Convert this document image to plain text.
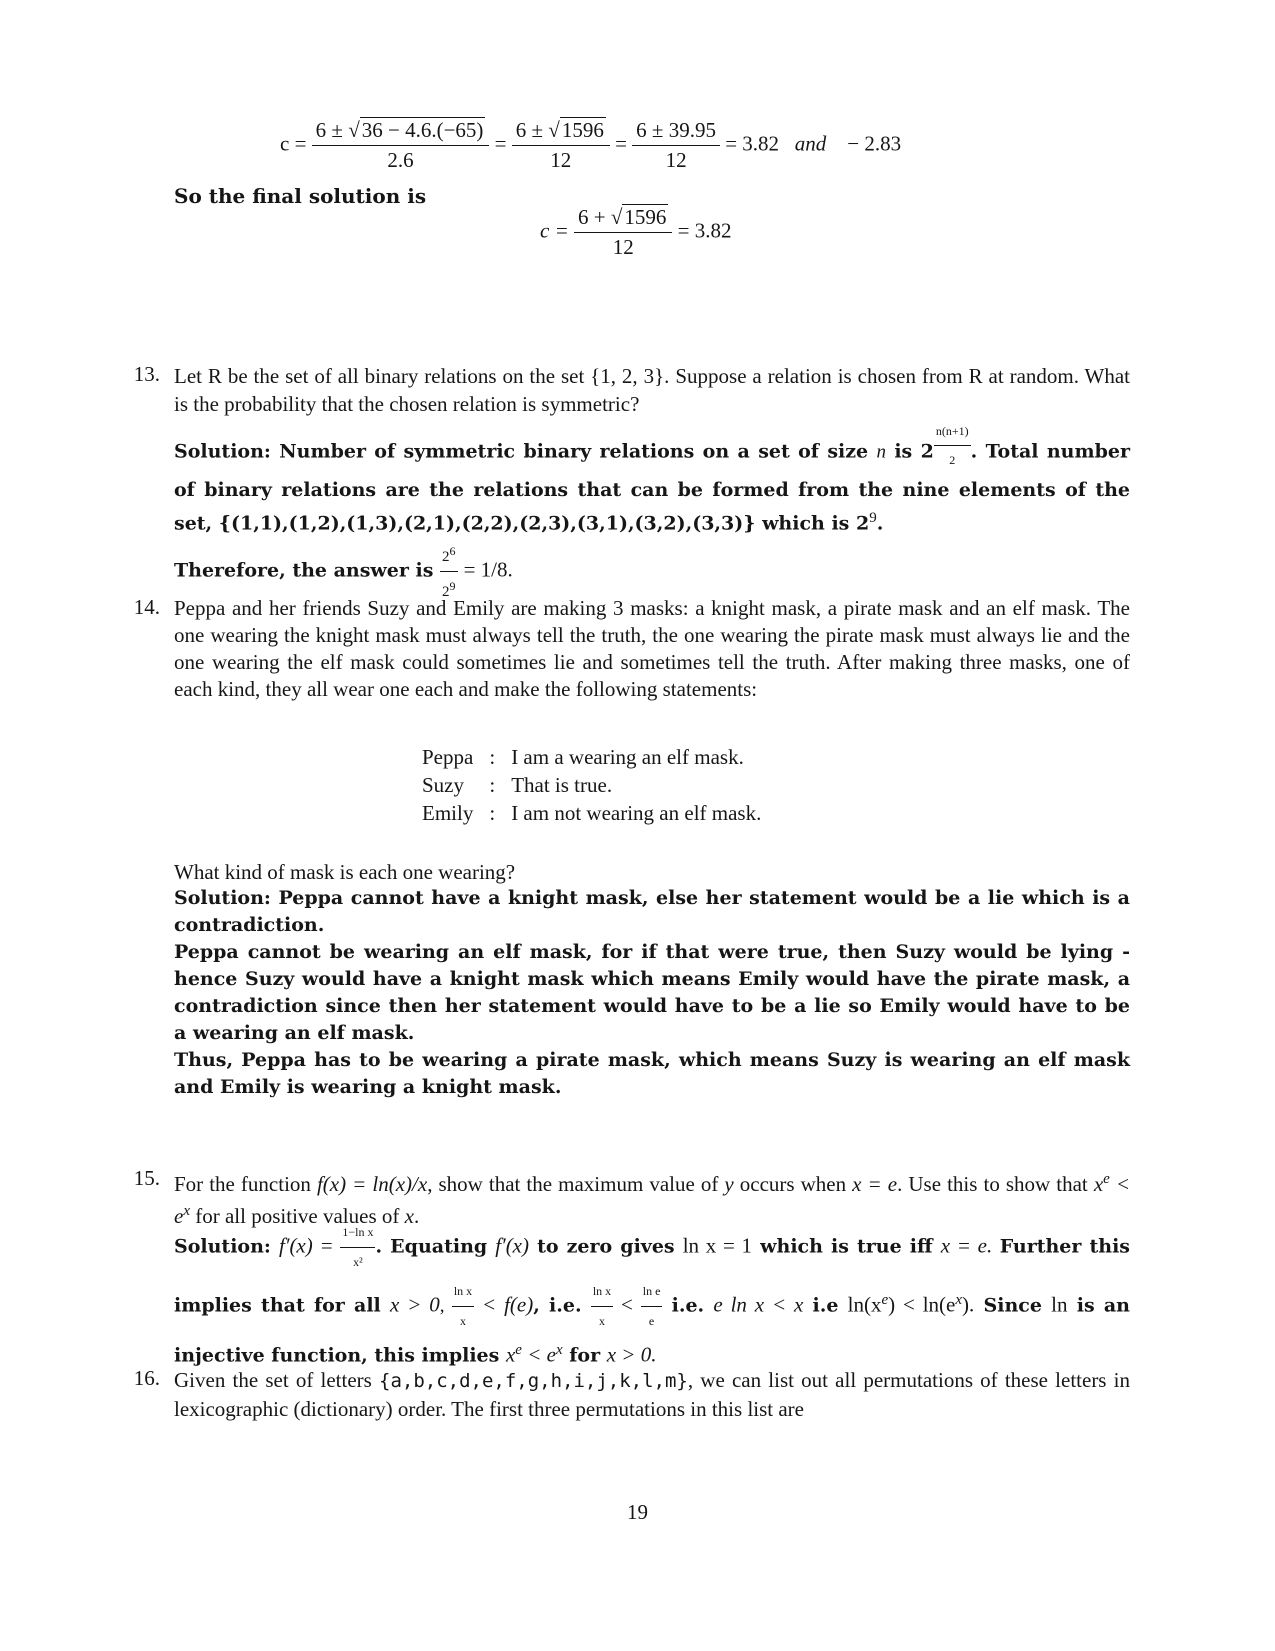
$c = \frac{6 \pm √36 - 4.6.(-65)}{2.6} = \frac{6 \pm √1596}{12} = \frac{6 \pm 39.95}{12} = 3.82$ and − 2.83
So the final solution is
$c = \frac{6 + √1596}{12} = 3.82$
13. Let R be the set of all binary relations on the set {1, 2, 3}. Suppose a relation is chosen from R at random. What is the probability that the chosen relation is symmetric?
Solution: Number of symmetric binary relations on a set of size n is 2 $^{\frac{n(n+1)}{2}}$ . Total number of binary relations are the relations that can be formed from the nine elements of the set, {(1,1),(1,2),(1,3),(2,1),(2,2),(2,3),(3,1),(3,2),(3,3)} which is $2^9$.
Therefore, the answer is $\frac{2^6}{2^9} = 1/8$.
14. Peppa and her friends Suzy and Emily are making 3 masks: a knight mask, a pirate mask and an elf mask. The one wearing the knight mask must always tell the truth, the one wearing the pirate mask must always lie and the one wearing the elf mask could sometimes lie and sometimes tell the truth. After making three masks, one of each kind, they all wear one each and make the following statements:
Peppa	:	I am a wearing an elf mask.
Suzy	:	That is true.
Emily	:	I am not wearing an elf mask.
What kind of mask is each one wearing?
Solution: Peppa cannot have a knight mask, else her statement would be a lie which is a contradiction.
Peppa cannot be wearing an elf mask, for if that were true, then Suzy would be lying - hence Suzy would have a knight mask which means Emily would have the pirate mask, a contradiction since then her statement would have to be a lie so Emily would have to be a wearing an elf mask.
Thus, Peppa has to be wearing a pirate mask, which means Suzy is wearing an elf mask and Emily is wearing a knight mask.
15. For the function f(x) = ln(x)/x, show that the maximum value of y occurs when x = e. Use this to show that $x^e < e^x$ for all positive values of x.
Solution: $f'(x) = \frac{\text{1−ln x}}{\text{x²}}$ . Equating f′(x) to zero gives ln x = 1 which is true iff x = e. Further this implies that for all x > 0, $\frac{\text{ln x}}{x} < f(e)$, i.e. $\frac{\text{ln x}}{x} < \frac{\text{ln e}}{e} i.e$. e ln x < x i.e $\ln(x^e) < \ln(e^x)$. Since ln is an injective function, this implies $x^e < e^x$ for x > 0.
16. Given the set of letters {a,b,c,d,e,f,g,h,i,j,k,l,m}, we can list out all permutations of these letters in lexicographic (dictionary) order. The first three permutations in this list are
19
